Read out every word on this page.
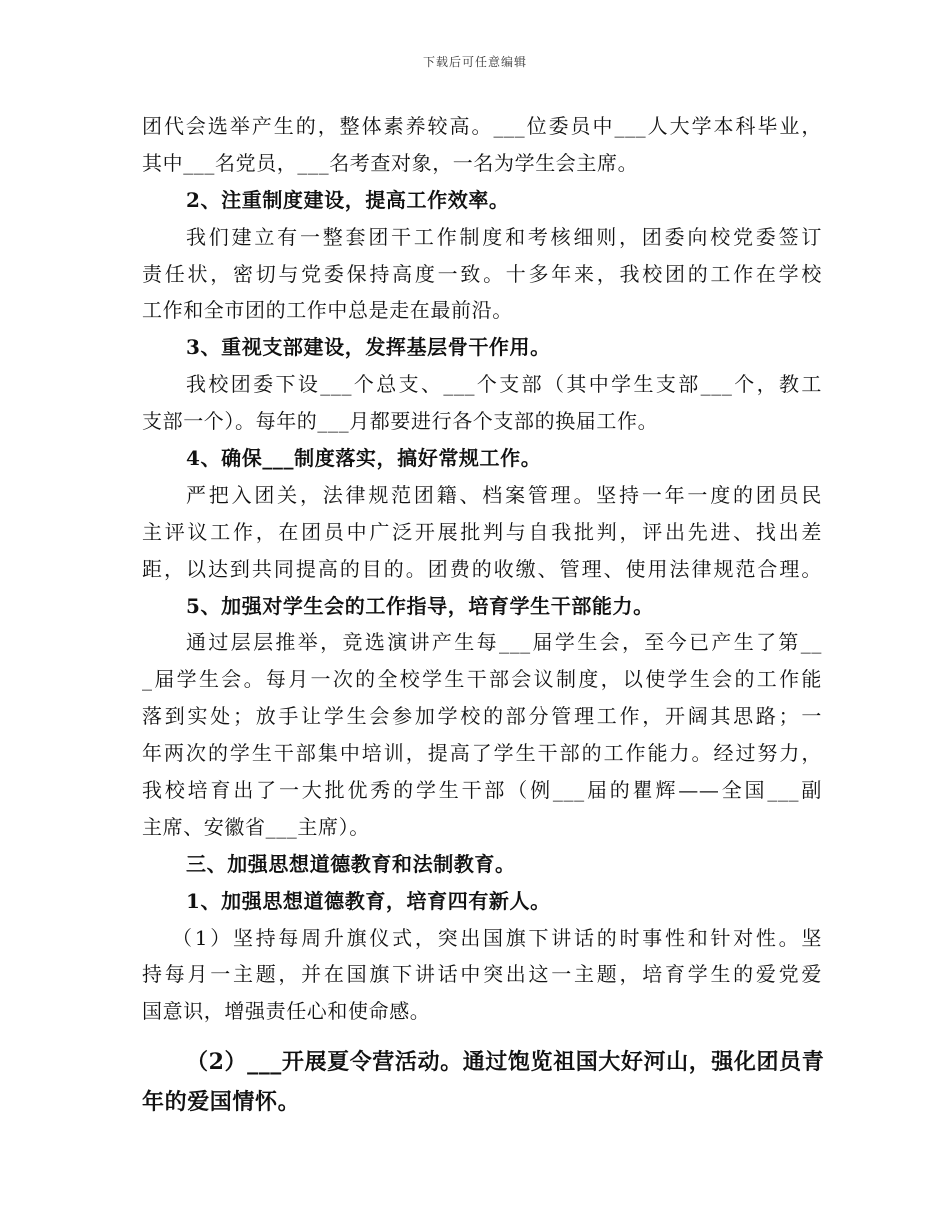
下载后可任意编辑
团代会选举产生的，整体素养较高。___位委员中___人大学本科毕业，
其中___名党员，___名考查对象，一名为学生会主席。
2、注重制度建设，提高工作效率。
我们建立有一整套团干工作制度和考核细则，团委向校党委签订
责任状，密切与党委保持高度一致。十多年来，我校团的工作在学校
工作和全市团的工作中总是走在最前沿。
3、重视支部建设，发挥基层骨干作用。
我校团委下设___个总支、___个支部（其中学生支部___个，教工
支部一个）。每年的___月都要进行各个支部的换届工作。
4、确保___制度落实，搞好常规工作。
严把入团关，法律规范团籍、档案管理。坚持一年一度的团员民
主评议工作，在团员中广泛开展批判与自我批判，评出先进、找出差
距，以达到共同提高的目的。团费的收缴、管理、使用法律规范合理。
5、加强对学生会的工作指导，培育学生干部能力。
通过层层推举，竞选演讲产生每___届学生会，至今已产生了第__
_届学生会。每月一次的全校学生干部会议制度，以使学生会的工作能
落到实处；放手让学生会参加学校的部分管理工作，开阔其思路；一
年两次的学生干部集中培训，提高了学生干部的工作能力。经过努力，
我校培育出了一大批优秀的学生干部（例___届的瞿辉——全国___副
主席、安徽省___主席）。
三、加强思想道德教育和法制教育。
1、加强思想道德教育，培育四有新人。
（1）坚持每周升旗仪式，突出国旗下讲话的时事性和针对性。坚
持每月一主题，并在国旗下讲话中突出这一主题，培育学生的爱党爱
国意识，增强责任心和使命感。
（2）___开展夏令营活动。通过饱览祖国大好河山，强化团员青
年的爱国情怀。
